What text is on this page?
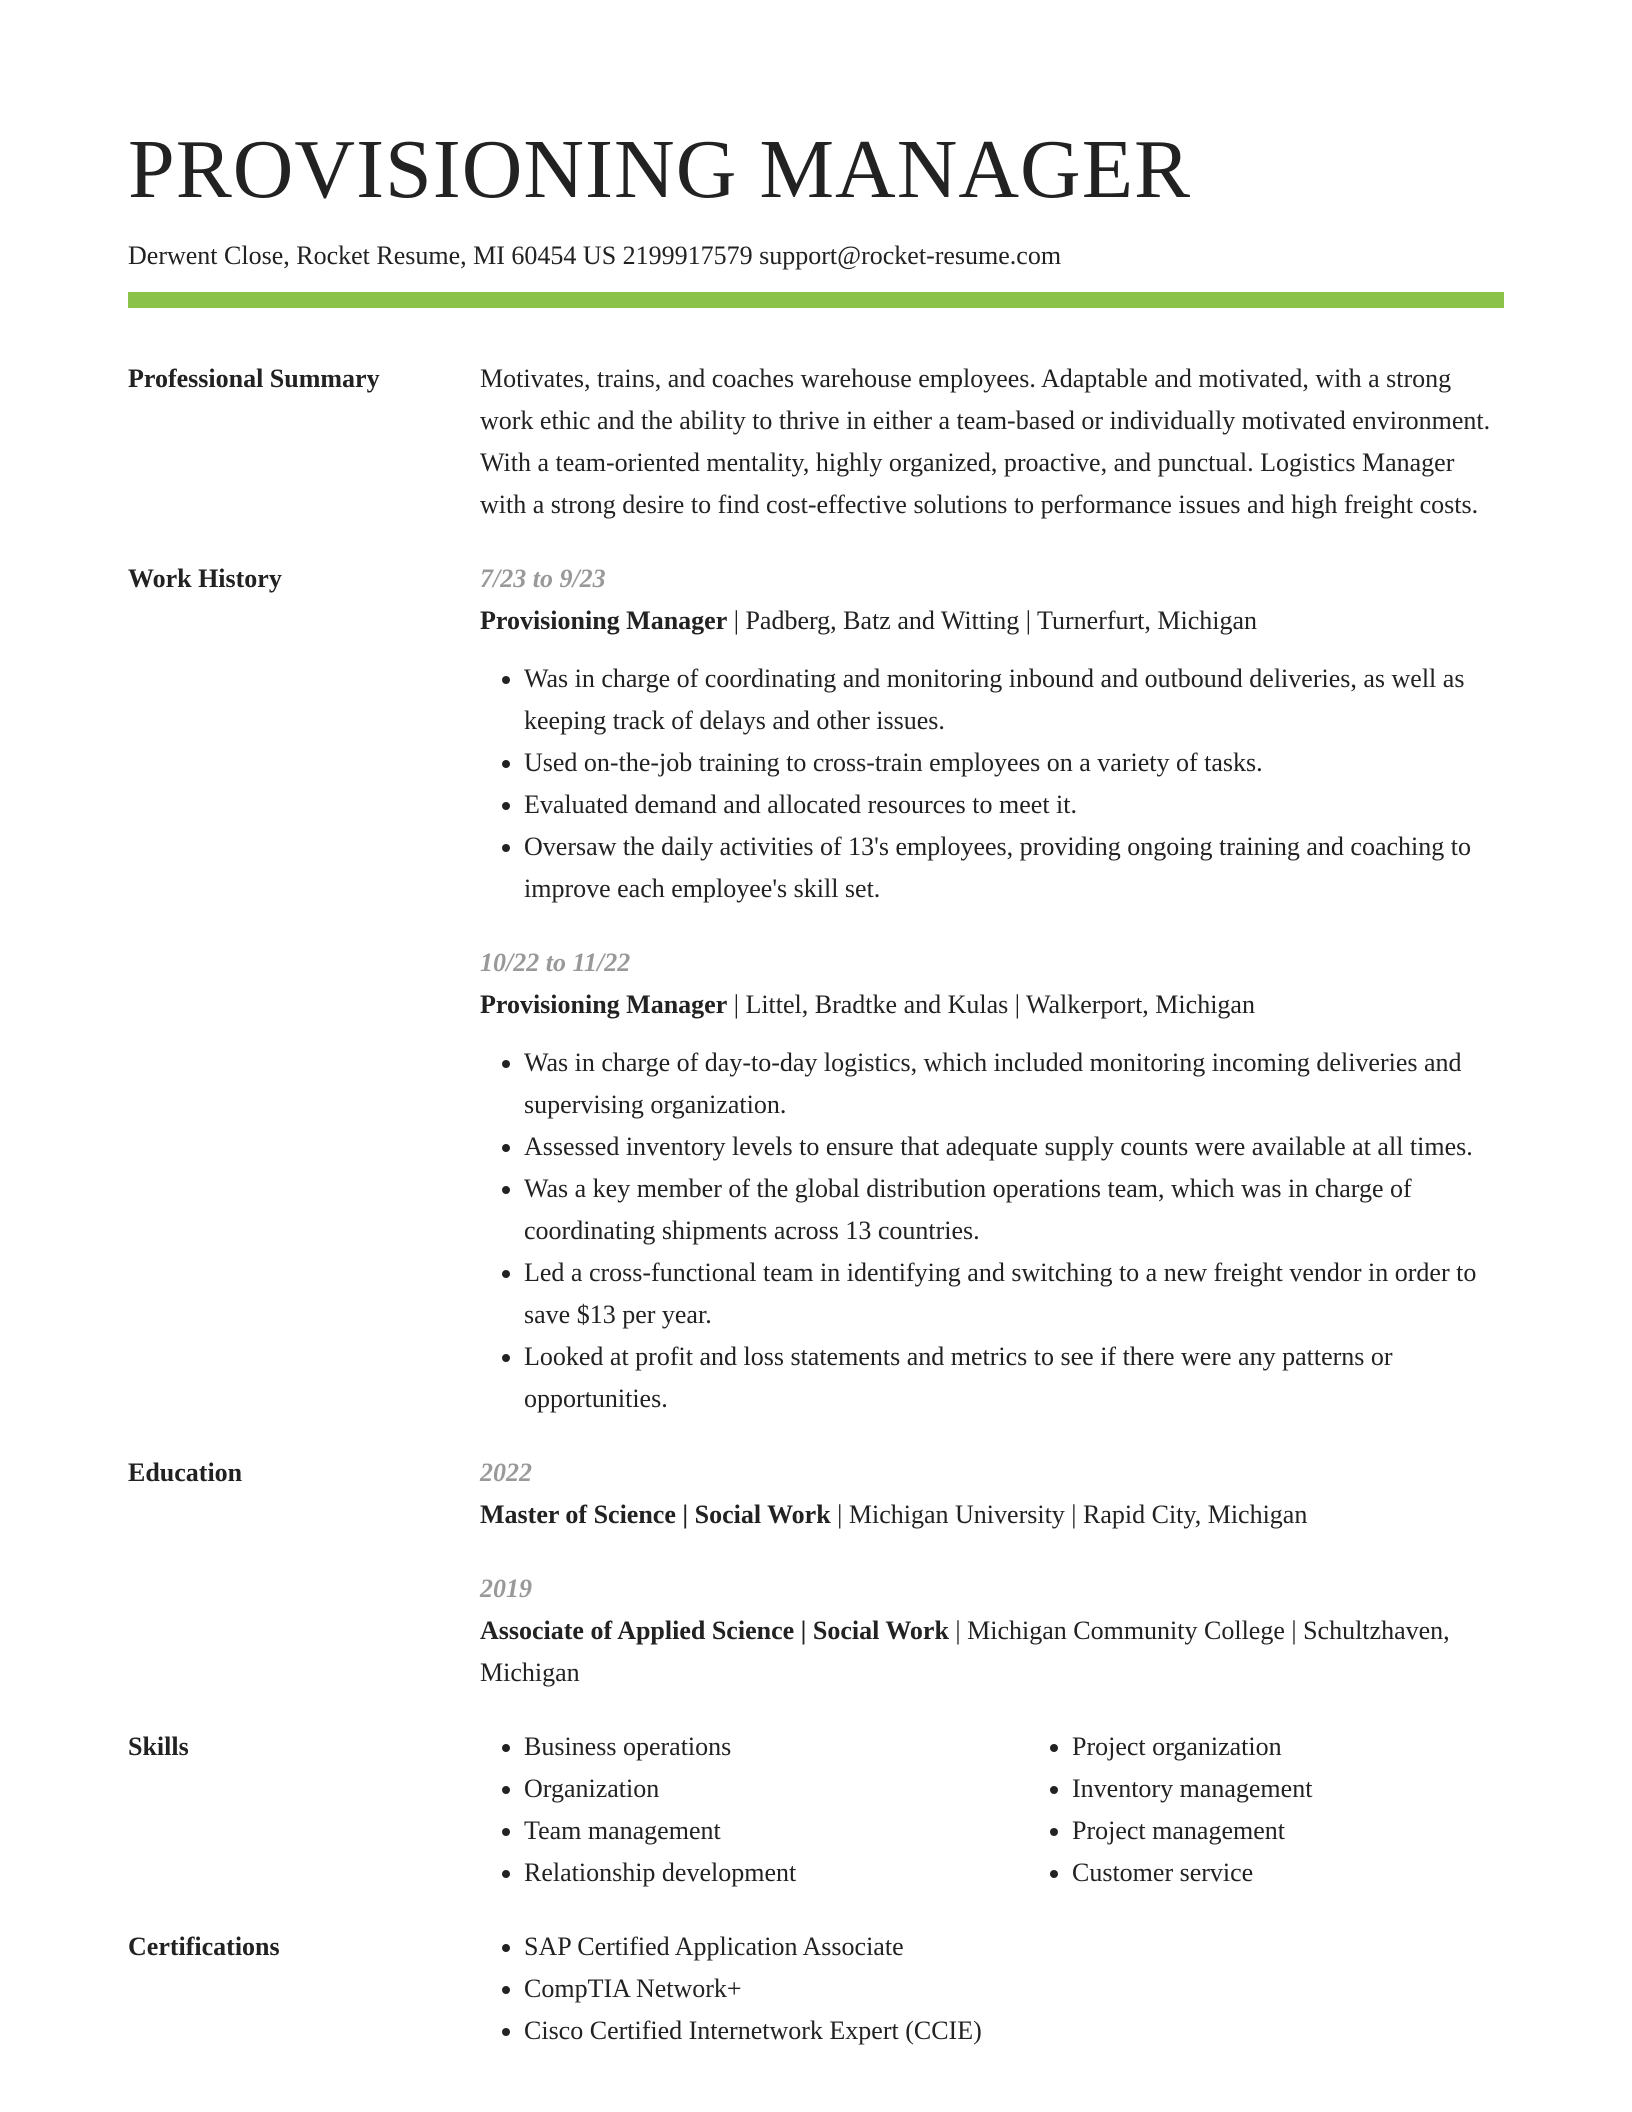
PROVISIONING MANAGER
Derwent Close, Rocket Resume, MI 60454 US 2199917579 support@rocket-resume.com
Professional Summary	Motivates, trains, and coaches warehouse employees. Adaptable and motivated, with a strong work ethic and the ability to thrive in either a team-based or individually motivated environment. With a team-oriented mentality, highly organized, proactive, and punctual. Logistics Manager with a strong desire to find cost-effective solutions to performance issues and high freight costs.
Work History	7/23 to 9/23
Provisioning Manager | Padberg, Batz and Witting | Turnerfurt, Michigan
• Was in charge of coordinating and monitoring inbound and outbound deliveries, as well as keeping track of delays and other issues.
• Used on-the-job training to cross-train employees on a variety of tasks.
• Evaluated demand and allocated resources to meet it.
• Oversaw the daily activities of 13's employees, providing ongoing training and coaching to improve each employee's skill set.
10/22 to 11/22
Provisioning Manager | Littel, Bradtke and Kulas | Walkerport, Michigan
• Was in charge of day-to-day logistics, which included monitoring incoming deliveries and supervising organization.
• Assessed inventory levels to ensure that adequate supply counts were available at all times.
• Was a key member of the global distribution operations team, which was in charge of coordinating shipments across 13 countries.
• Led a cross-functional team in identifying and switching to a new freight vendor in order to save $13 per year.
• Looked at profit and loss statements and metrics to see if there were any patterns or opportunities.
Education	2022
Master of Science | Social Work | Michigan University | Rapid City, Michigan
2019
Associate of Applied Science | Social Work | Michigan Community College | Schultzhaven, Michigan
Skills	• Business operations
• Organization
• Team management
• Relationship development
• Project organization
• Inventory management
• Project management
• Customer service
Certifications	• SAP Certified Application Associate
• CompTIA Network+
• Cisco Certified Internetwork Expert (CCIE)
